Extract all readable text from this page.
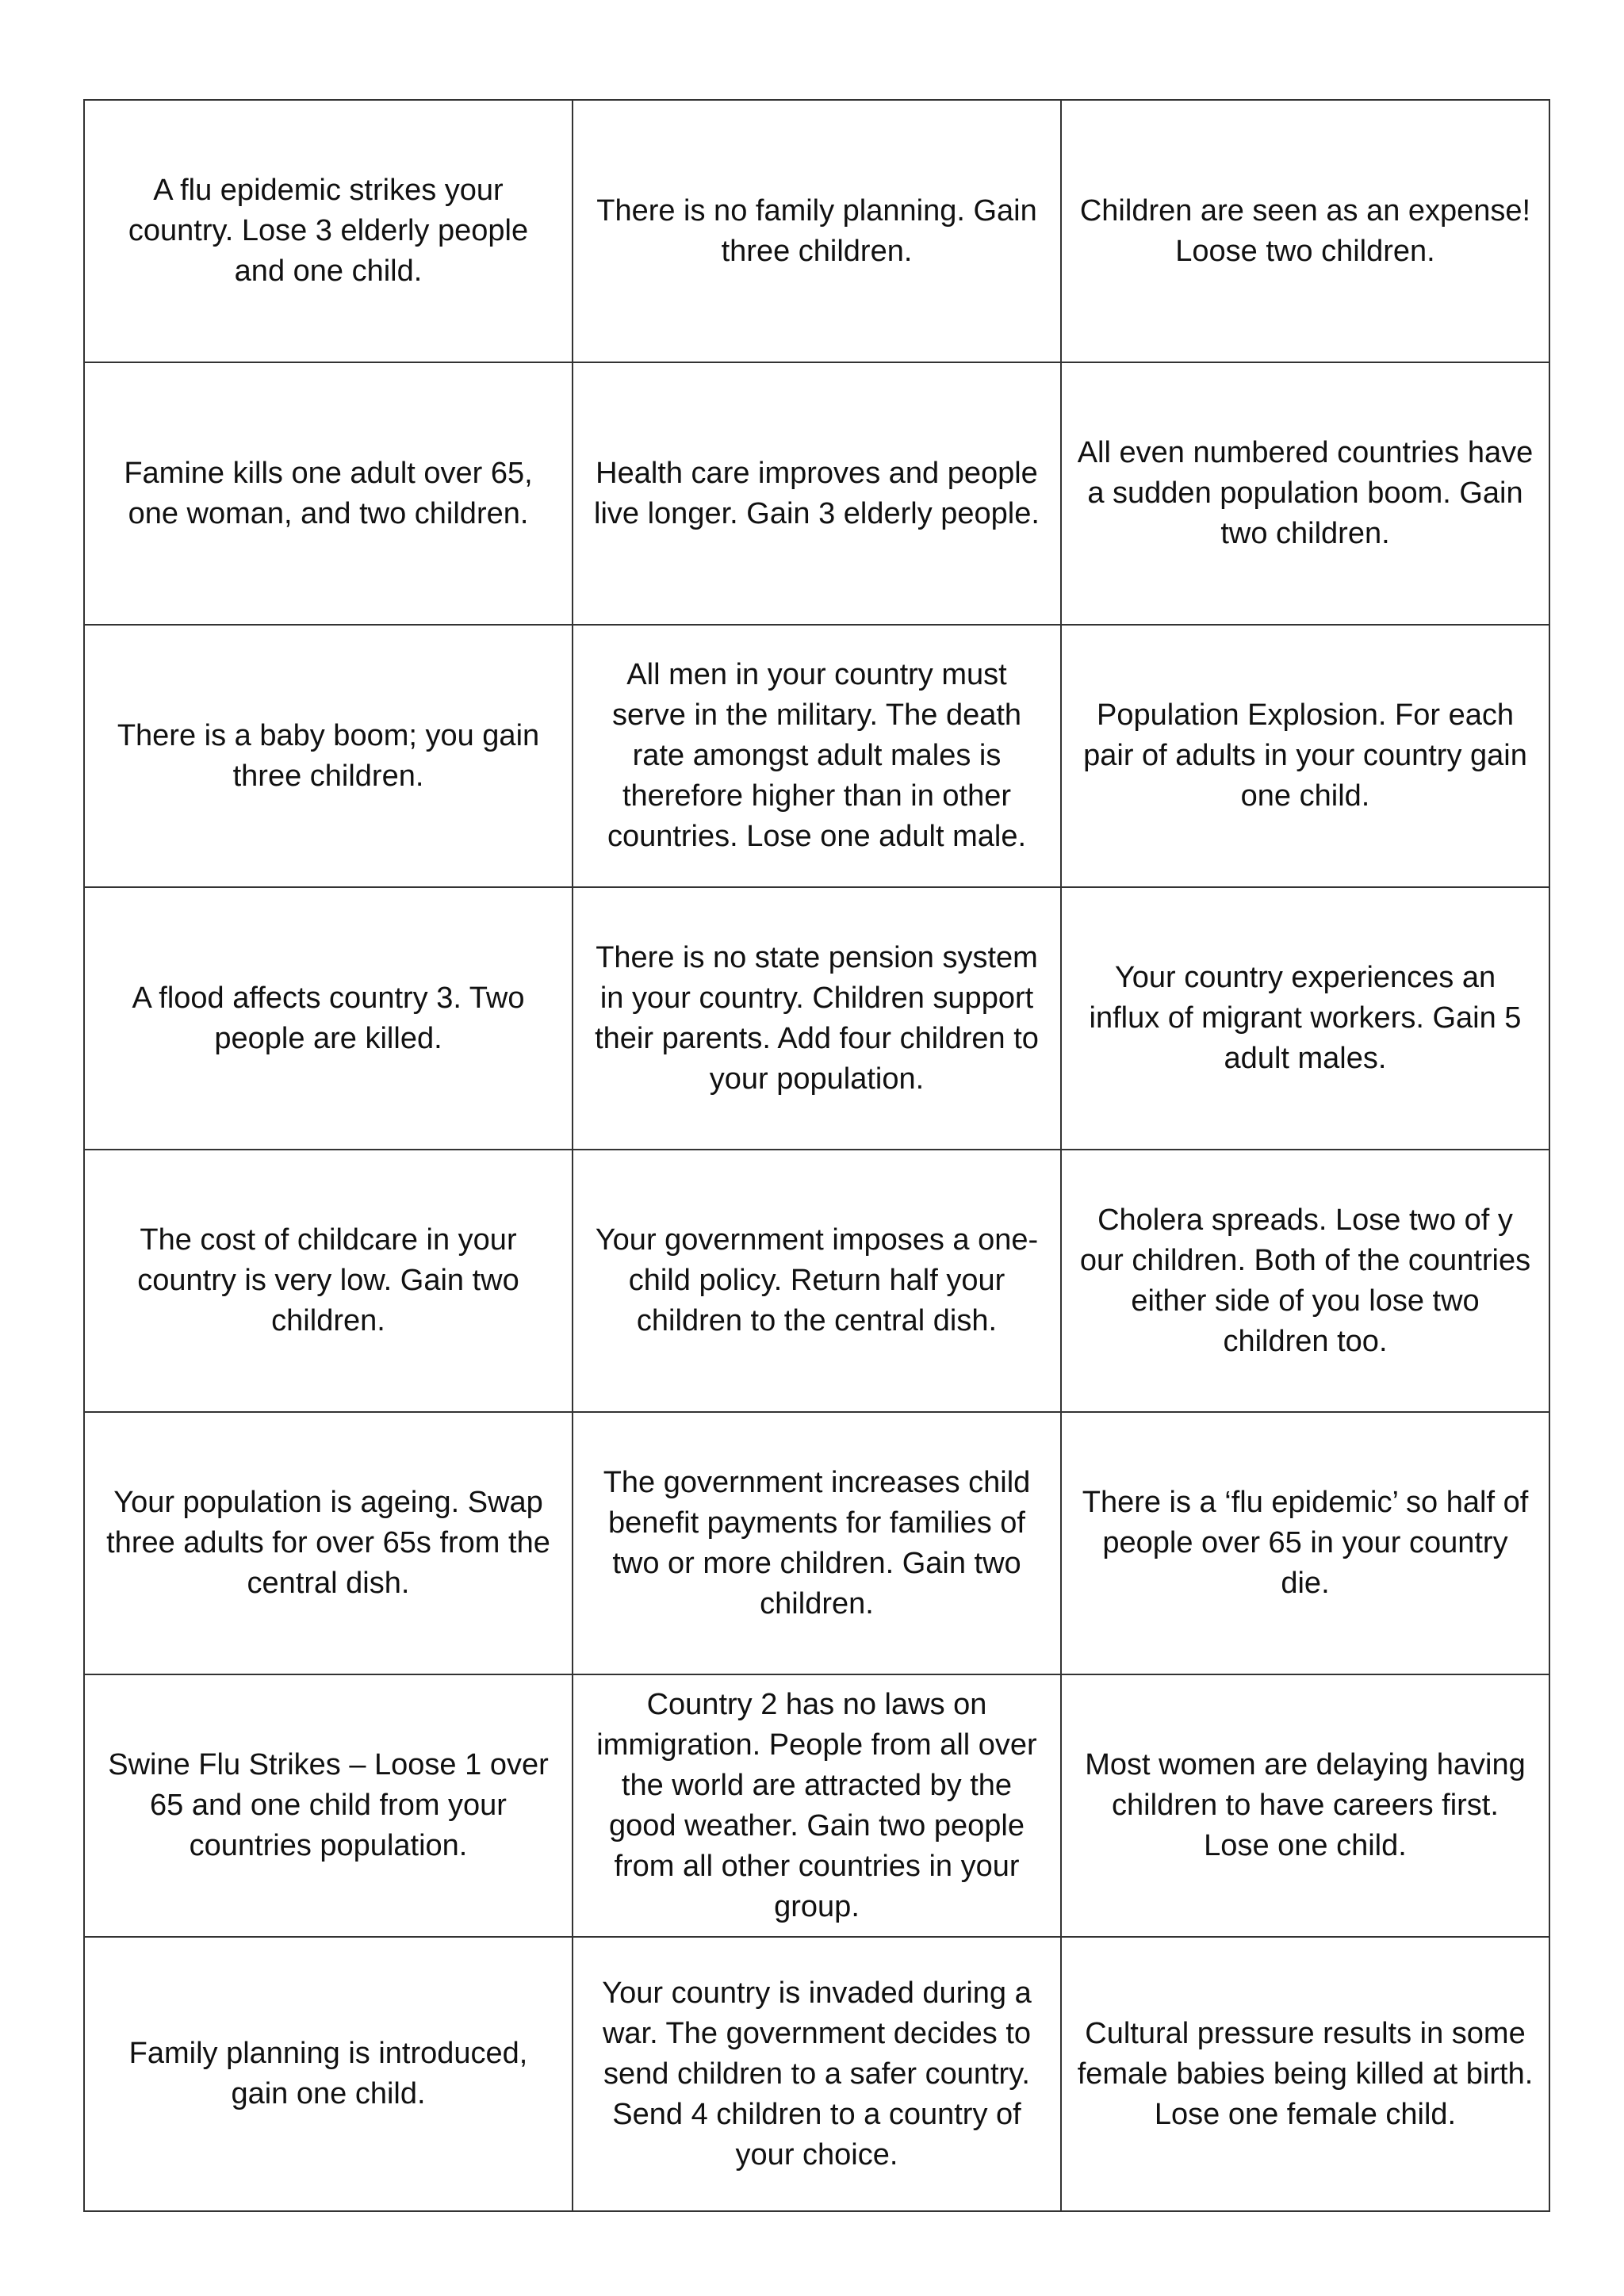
A flu epidemic strikes your country. Lose 3 elderly people and one child.	There is no family planning. Gain three children.	Children are seen as an expense! Loose two children.

Famine kills one adult over 65, one woman, and two children.	Health care improves and people live longer. Gain 3 elderly people.	All even numbered countries have a sudden population boom. Gain two children.

There is a baby boom; you gain three children.	All men in your country must serve in the military. The death rate amongst adult males is therefore higher than in other countries. Lose one adult male.	Population Explosion. For each pair of adults in your country gain one child.

A flood affects country 3. Two people are killed.	There is no state pension system in your country. Children support their parents. Add four children to your population.	Your country experiences an influx of migrant workers. Gain 5 adult males.

The cost of childcare in your country is very low. Gain two children.	Your government imposes a one-child policy. Return half your children to the central dish.	Cholera spreads. Lose two of y our children. Both of the countries either side of you lose two children too.

Your population is ageing. Swap three adults for over 65s from the central dish.	The government increases child benefit payments for families of two or more children. Gain two children.	There is a ‘flu epidemic’ so half of people over 65 in your country die.

Swine Flu Strikes – Loose 1 over 65 and one child from your countries population.	Country 2 has no laws on immigration. People from all over the world are attracted by the good weather. Gain two people from all other countries in your group.	Most women are delaying having children to have careers first. Lose one child.

Family planning is introduced, gain one child.	Your country is invaded during a war. The government decides to send children to a safer country. Send 4 children to a country of your choice.	Cultural pressure results in some female babies being killed at birth. Lose one female child.
